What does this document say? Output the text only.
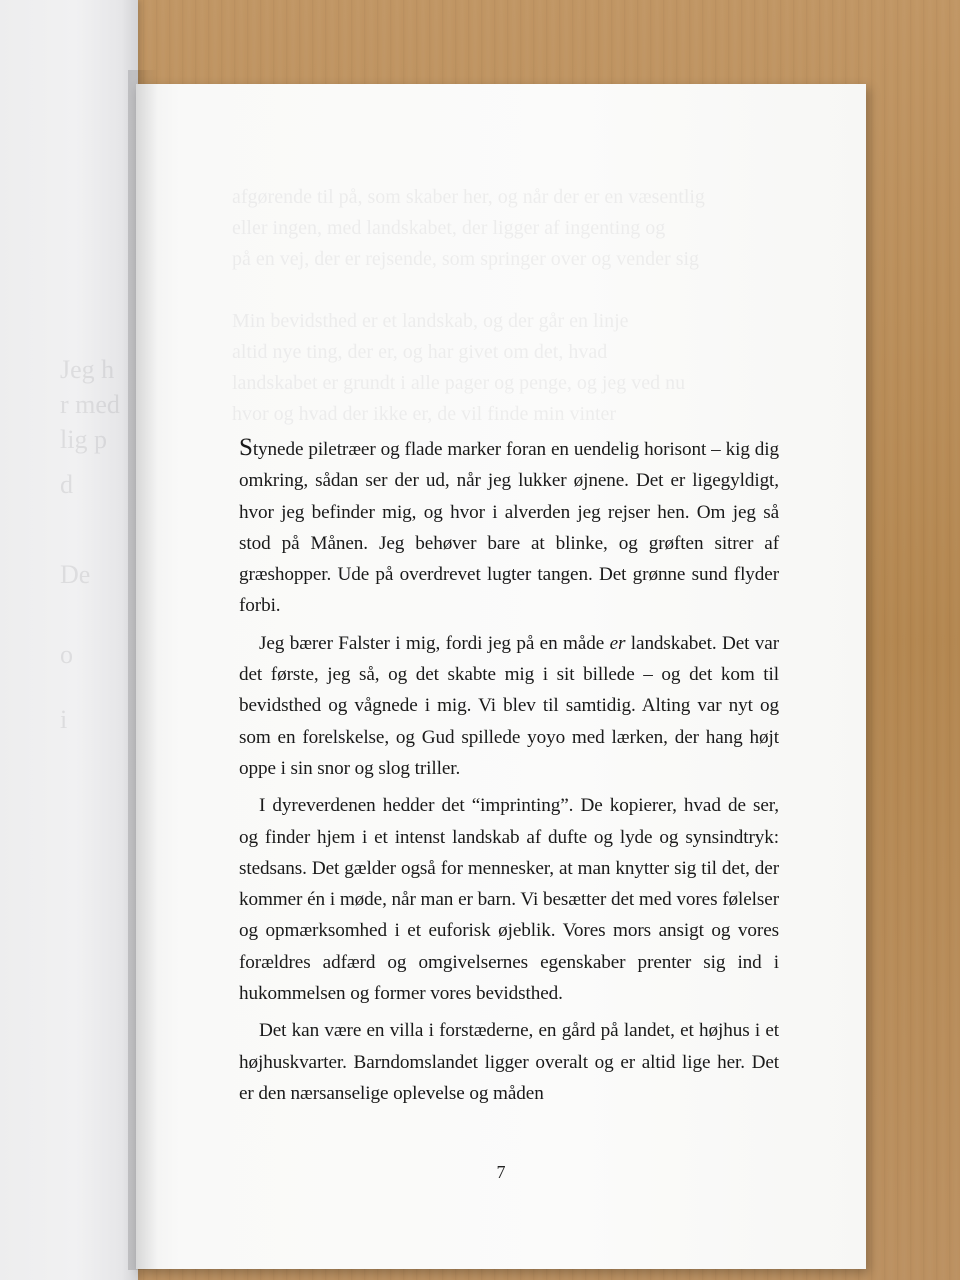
Jeg h
r med
lig p
d
De
o
i
afgørende til på, som skaber her, og når der er en væsentlig
eller ingen, med landskabet, der ligger af ingenting og
på en vej, der er rejsende, som springer over og vender sig

Min bevidsthed er et landskab, og der går en linje
altid nye ting, der er, og har givet om det, hvad
landskabet er grundt i alle pager og penge, og jeg ved nu
hvor og hvad der ikke er, de vil finde min vinter

Stynede piletræer og flade marker foran en uendelig horisont – kig dig omkring, sådan ser der ud, når jeg lukker øjnene. Det er ligegyldigt, hvor jeg befinder mig, og hvor i alverden jeg rejser hen. Om jeg så stod på Månen. Jeg behøver bare at blinke, og grøften sitrer af græshopper. Ude på overdrevet lugter tangen. Det grønne sund flyder forbi.

Jeg bærer Falster i mig, fordi jeg på en måde er landskabet. Det var det første, jeg så, og det skabte mig i sit billede – og det kom til bevidsthed og vågnede i mig. Vi blev til samtidig. Alting var nyt og som en forelskelse, og Gud spillede yoyo med lærken, der hang højt oppe i sin snor og slog triller.

I dyreverdenen hedder det “imprinting”. De kopierer, hvad de ser, og finder hjem i et intenst landskab af dufte og lyde og synsindtryk: stedsans. Det gælder også for mennesker, at man knytter sig til det, der kommer én i møde, når man er barn. Vi besætter det med vores følelser og opmærksomhed i et euforisk øjeblik. Vores mors ansigt og vores forældres adfærd og omgivelsernes egenskaber prenter sig ind i hukommelsen og former vores bevidsthed.

Det kan være en villa i forstæderne, en gård på landet, et højhus i et højhuskvarter. Barndomslandet ligger overalt og er altid lige her. Det er den nærsanselige oplevelse og måden

7
